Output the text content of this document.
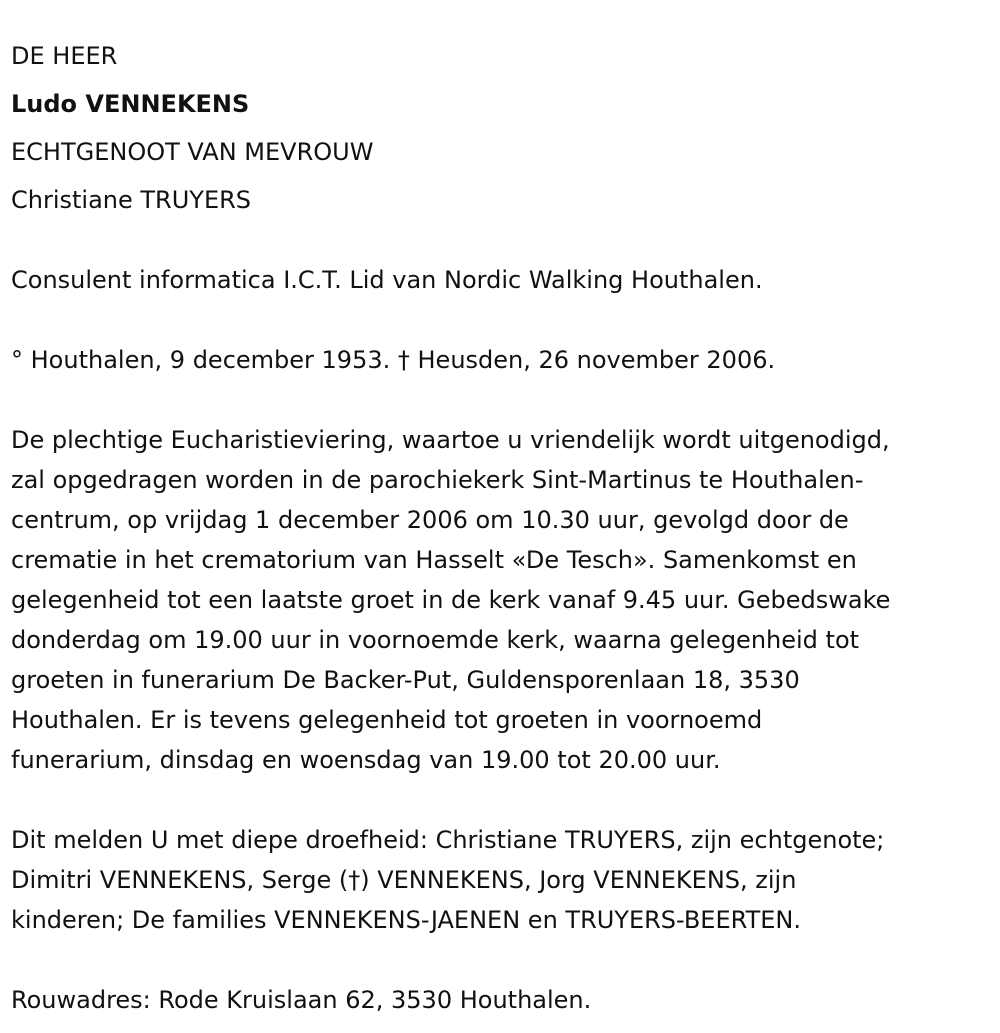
DE HEER
Ludo VENNEKENS
ECHTGENOOT VAN MEVROUW
Christiane TRUYERS
Consulent informatica I.C.T. Lid van Nordic Walking Houthalen.
° Houthalen, 9 december 1953. † Heusden, 26 november 2006.
De plechtige Eucharistieviering, waartoe u vriendelijk wordt uitgenodigd,
zal opgedragen worden in de parochiekerk Sint-Martinus te Houthalen-
centrum, op vrijdag 1 december 2006 om 10.30 uur, gevolgd door de
crematie in het crematorium van Hasselt «De Tesch». Samenkomst en
gelegenheid tot een laatste groet in de kerk vanaf 9.45 uur. Gebedswake
donderdag om 19.00 uur in voornoemde kerk, waarna gelegenheid tot
groeten in funerarium De Backer-Put, Guldensporenlaan 18, 3530
Houthalen. Er is tevens gelegenheid tot groeten in voornoemd
funerarium, dinsdag en woensdag van 19.00 tot 20.00 uur.
Dit melden U met diepe droefheid: Christiane TRUYERS, zijn echtgenote;
Dimitri VENNEKENS, Serge (†) VENNEKENS, Jorg VENNEKENS, zijn
kinderen; De families VENNEKENS-JAENEN en TRUYERS-BEERTEN.
Rouwadres: Rode Kruislaan 62, 3530 Houthalen.
